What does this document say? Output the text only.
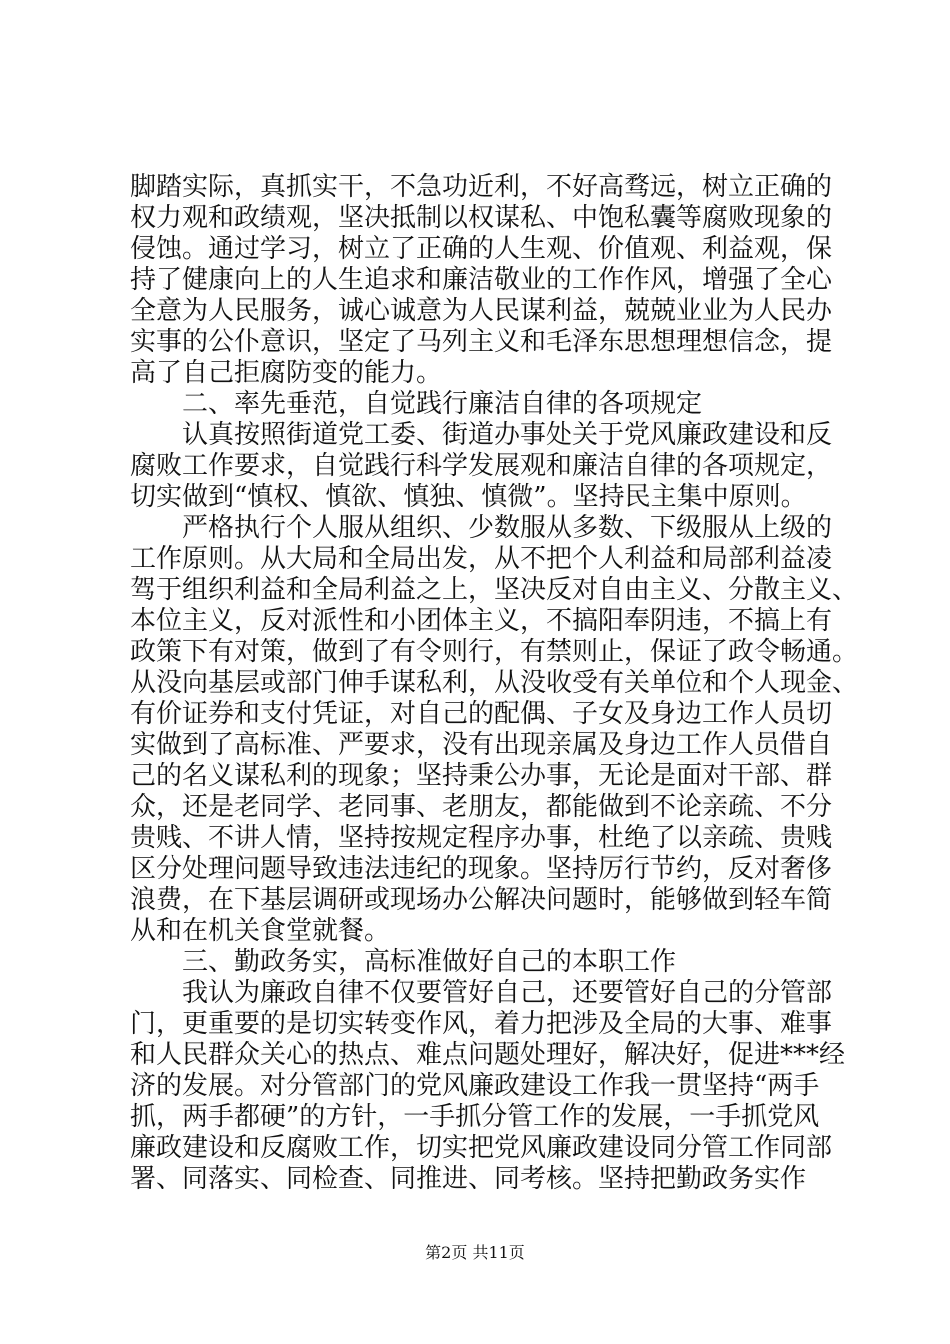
脚踏实际，真抓实干，不急功近利，不好高骛远，树立正确的
权力观和政绩观，坚决抵制以权谋私、中饱私囊等腐败现象的
侵蚀。通过学习，树立了正确的人生观、价值观、利益观，保
持了健康向上的人生追求和廉洁敬业的工作作风，增强了全心
全意为人民服务，诚心诚意为人民谋利益，兢兢业业为人民办
实事的公仆意识，坚定了马列主义和毛泽东思想理想信念，提
高了自己拒腐防变的能力。
二、率先垂范，自觉践行廉洁自律的各项规定
认真按照街道党工委、街道办事处关于党风廉政建设和反
腐败工作要求，自觉践行科学发展观和廉洁自律的各项规定，
切实做到“慎权、慎欲、慎独、慎微”。坚持民主集中原则。
严格执行个人服从组织、少数服从多数、下级服从上级的
工作原则。从大局和全局出发，从不把个人利益和局部利益凌
驾于组织利益和全局利益之上，坚决反对自由主义、分散主义、
本位主义，反对派性和小团体主义，不搞阳奉阴违，不搞上有
政策下有对策，做到了有令则行，有禁则止，保证了政令畅通。
从没向基层或部门伸手谋私利，从没收受有关单位和个人现金、
有价证券和支付凭证，对自己的配偶、子女及身边工作人员切
实做到了高标准、严要求，没有出现亲属及身边工作人员借自
己的名义谋私利的现象；坚持秉公办事，无论是面对干部、群
众，还是老同学、老同事、老朋友，都能做到不论亲疏、不分
贵贱、不讲人情，坚持按规定程序办事，杜绝了以亲疏、贵贱
区分处理问题导致违法违纪的现象。坚持厉行节约，反对奢侈
浪费，在下基层调研或现场办公解决问题时，能够做到轻车简
从和在机关食堂就餐。
三、勤政务实，高标准做好自己的本职工作
我认为廉政自律不仅要管好自己，还要管好自己的分管部
门，更重要的是切实转变作风，着力把涉及全局的大事、难事
和人民群众关心的热点、难点问题处理好，解决好，促进***经
济的发展。对分管部门的党风廉政建设工作我一贯坚持“两手
抓，两手都硬”的方针，一手抓分管工作的发展，一手抓党风
廉政建设和反腐败工作，切实把党风廉政建设同分管工作同部
署、同落实、同检查、同推进、同考核。坚持把勤政务实作
第2页 共11页
